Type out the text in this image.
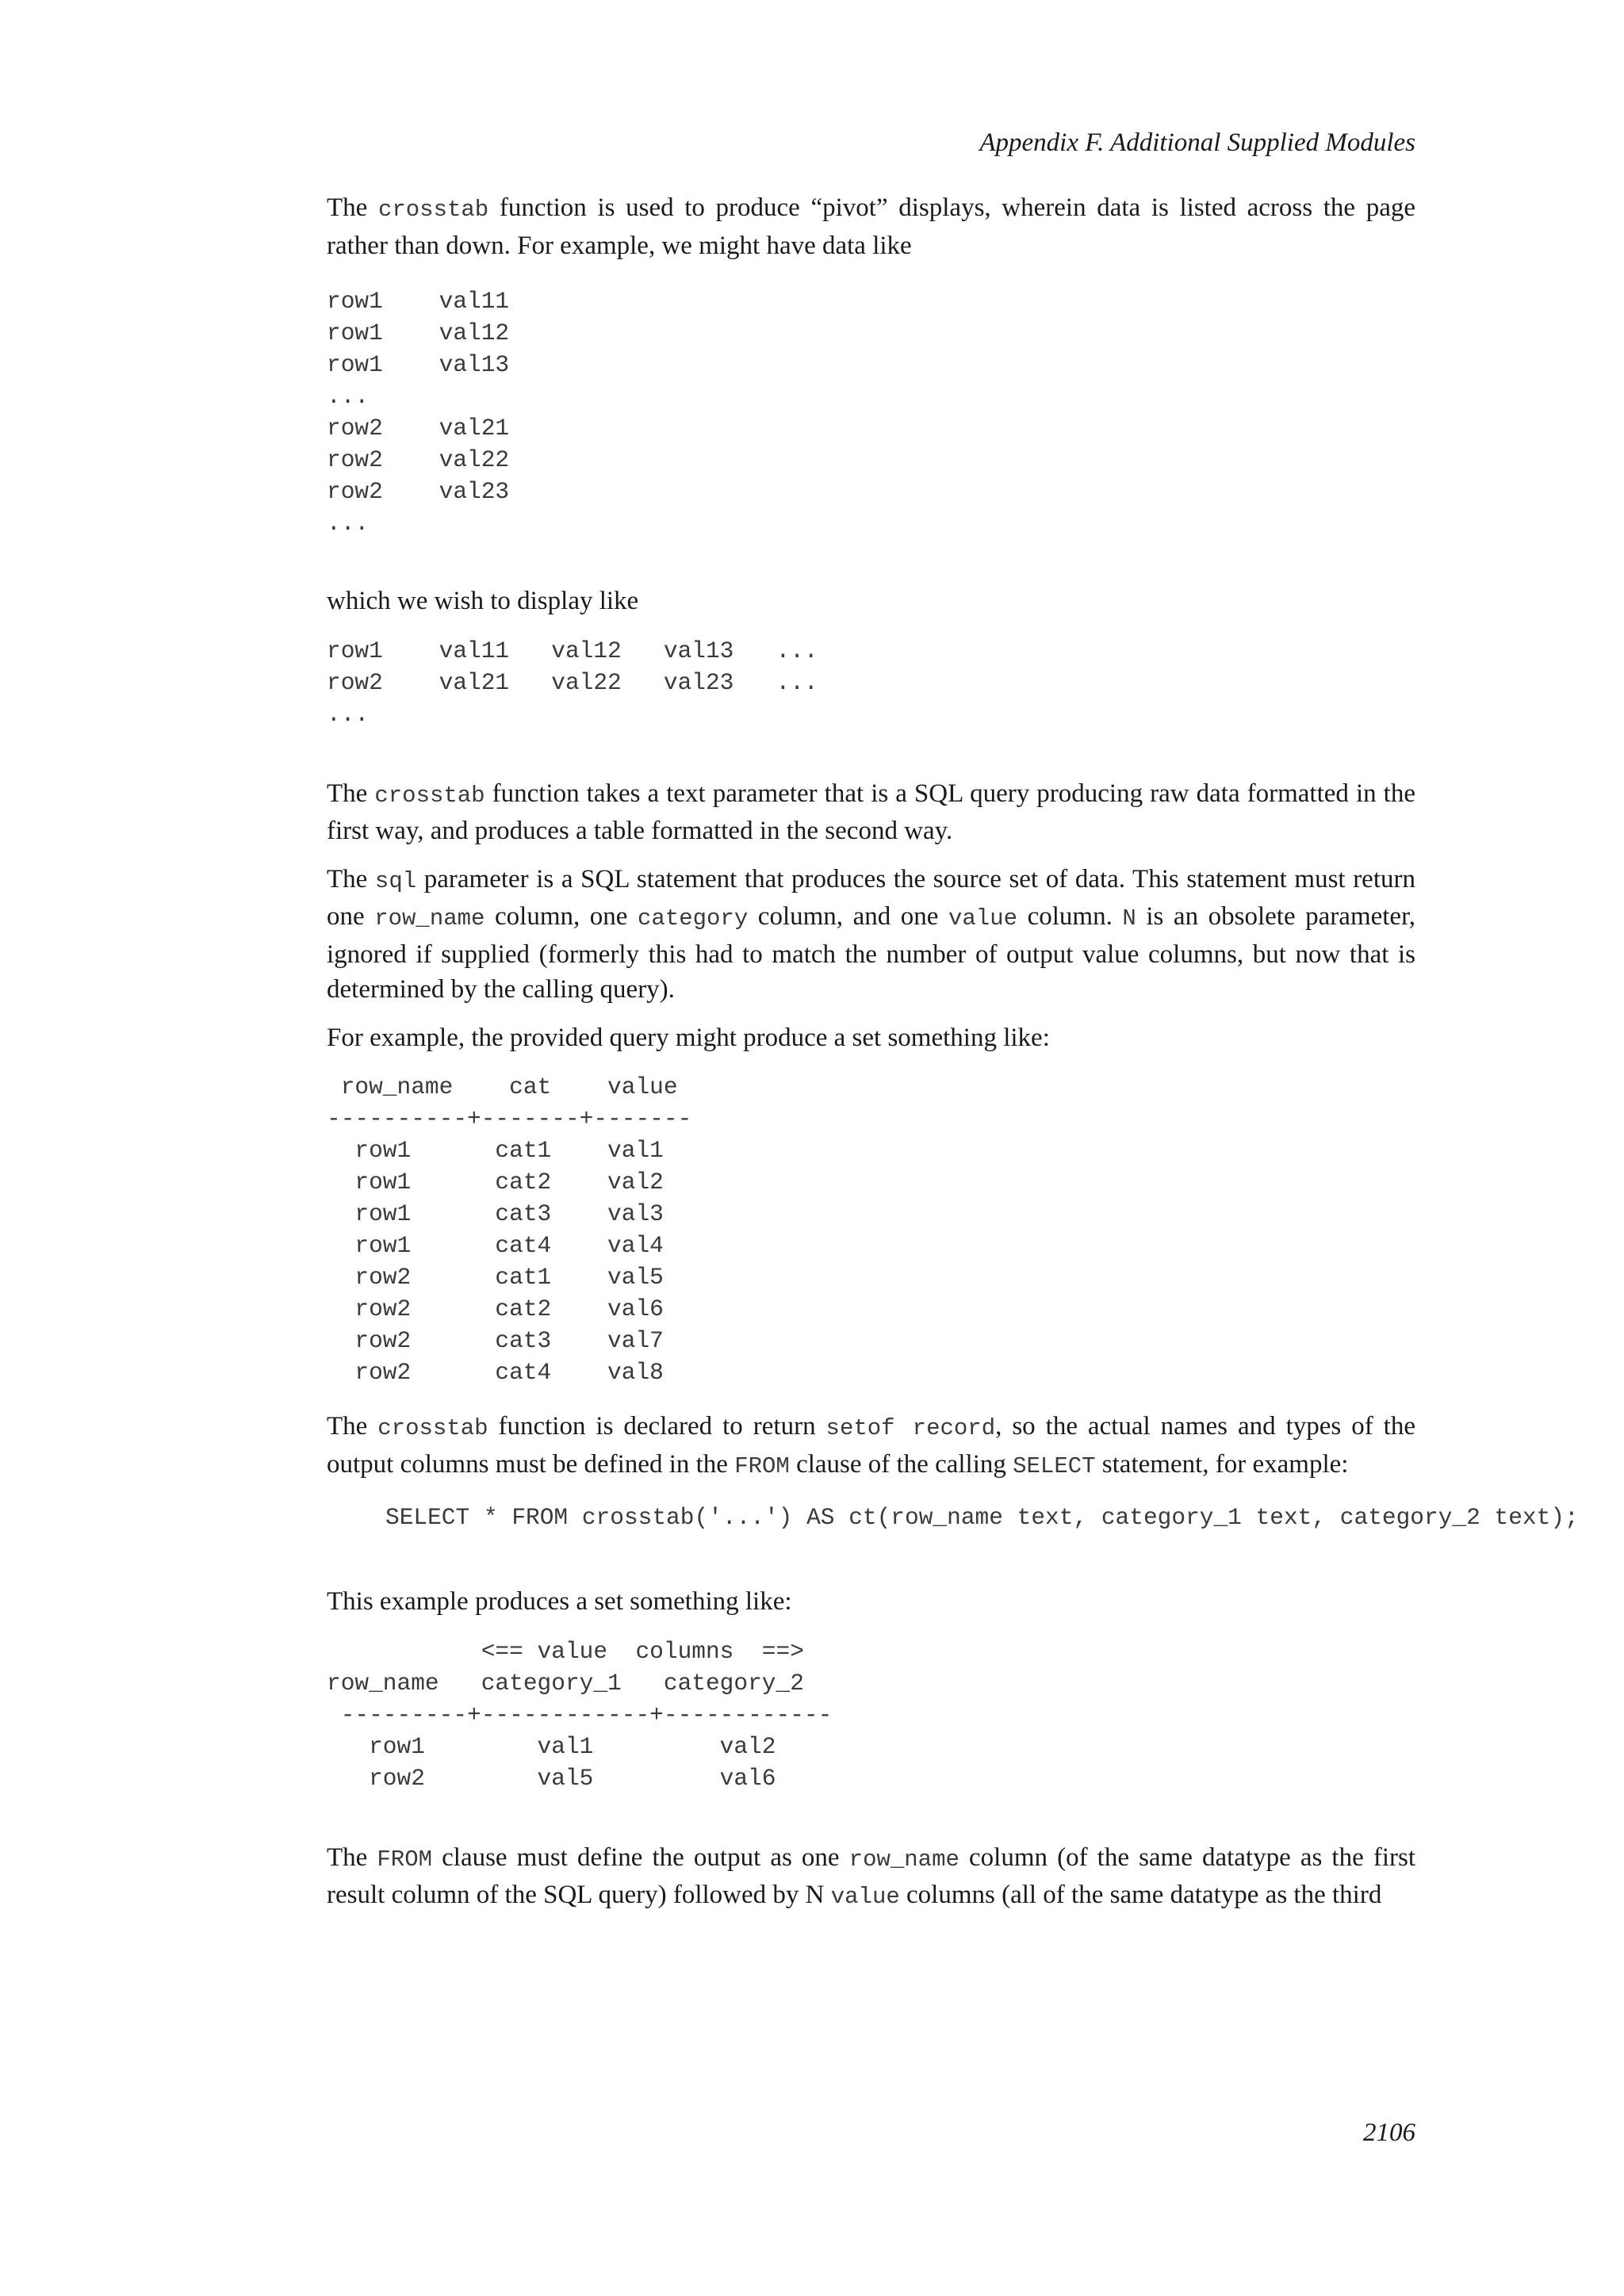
Appendix F. Additional Supplied Modules

The crosstab function is used to produce “pivot” displays, wherein data is listed across the page rather than down. For example, we might have data like

row1    val11
row1    val12
row1    val13
...
row2    val21
row2    val22
row2    val23
...

which we wish to display like

row1    val11   val12   val13   ...
row2    val21   val22   val23   ...
...

The crosstab function takes a text parameter that is a SQL query producing raw data formatted in the first way, and produces a table formatted in the second way.

The sql parameter is a SQL statement that produces the source set of data. This statement must return one row_name column, one category column, and one value column. N is an obsolete parameter, ignored if supplied (formerly this had to match the number of output value columns, but now that is determined by the calling query).

For example, the provided query might produce a set something like:

row_name    cat    value
----------+-------+-------
row1      cat1    val1
row1      cat2    val2
row1      cat3    val3
row1      cat4    val4
row2      cat1    val5
row2      cat2    val6
row2      cat3    val7
row2      cat4    val8

The crosstab function is declared to return setof record, so the actual names and types of the output columns must be defined in the FROM clause of the calling SELECT statement, for example:

SELECT * FROM crosstab('...') AS ct(row_name text, category_1 text, category_2 text);

This example produces a set something like:

<== value  columns  ==>
row_name   category_1   category_2
---------+------------+------------
row1        val1         val2
row2        val5         val6

The FROM clause must define the output as one row_name column (of the same datatype as the first result column of the SQL query) followed by N value columns (all of the same datatype as the third

2106
